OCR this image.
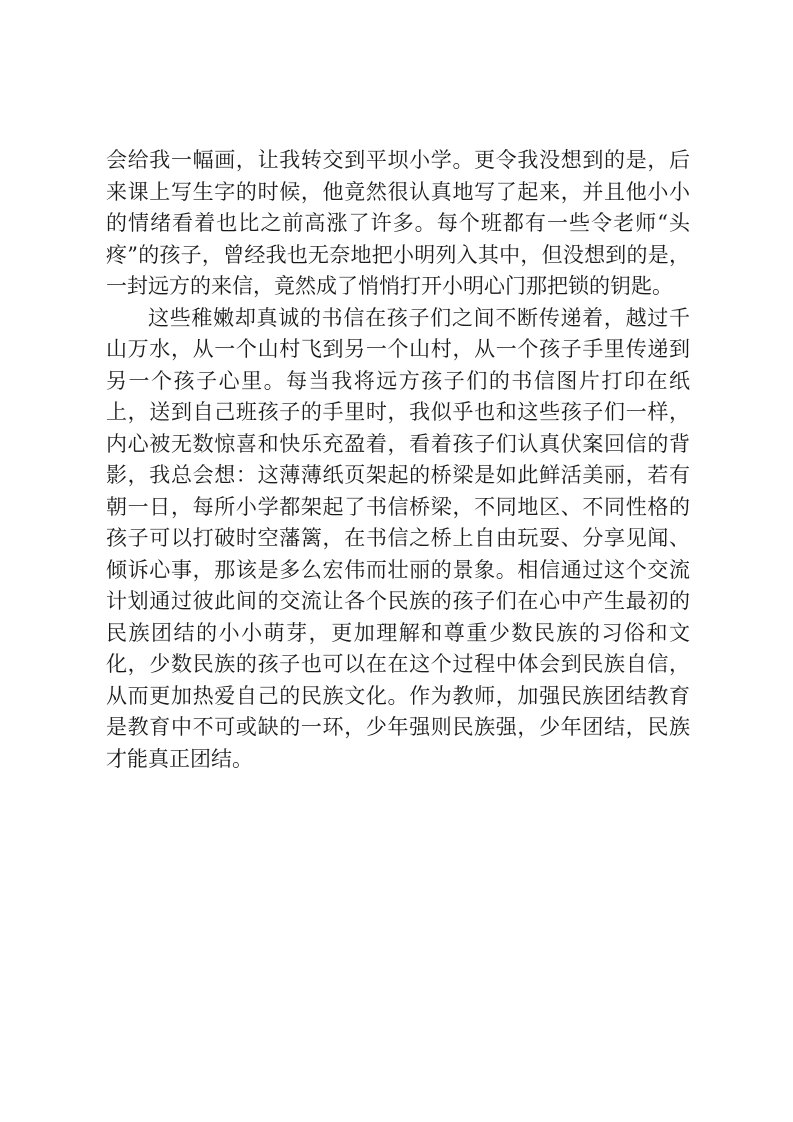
会给我一幅画，让我转交到平坝小学。更令我没想到的是，后来课上写生字的时候，他竟然很认真地写了起来，并且他小小的情绪看着也比之前高涨了许多。每个班都有一些令老师“头疼”的孩子，曾经我也无奈地把小明列入其中，但没想到的是，一封远方的来信，竟然成了悄悄打开小明心门那把锁的钥匙。

这些稚嫩却真诚的书信在孩子们之间不断传递着，越过千山万水，从一个山村飞到另一个山村，从一个孩子手里传递到另一个孩子心里。每当我将远方孩子们的书信图片打印在纸上，送到自己班孩子的手里时，我似乎也和这些孩子们一样，内心被无数惊喜和快乐充盈着，看着孩子们认真伏案回信的背影，我总会想：这薄薄纸页架起的桥梁是如此鲜活美丽，若有朝一日，每所小学都架起了书信桥梁，不同地区、不同性格的孩子可以打破时空藩篱，在书信之桥上自由玩耍、分享见闻、倾诉心事，那该是多么宏伟而壮丽的景象。相信通过这个交流计划通过彼此间的交流让各个民族的孩子们在心中产生最初的民族团结的小小萌芽，更加理解和尊重少数民族的习俗和文化，少数民族的孩子也可以在在这个过程中体会到民族自信，从而更加热爱自己的民族文化。作为教师，加强民族团结教育是教育中不可或缺的一环，少年强则民族强，少年团结，民族才能真正团结。
